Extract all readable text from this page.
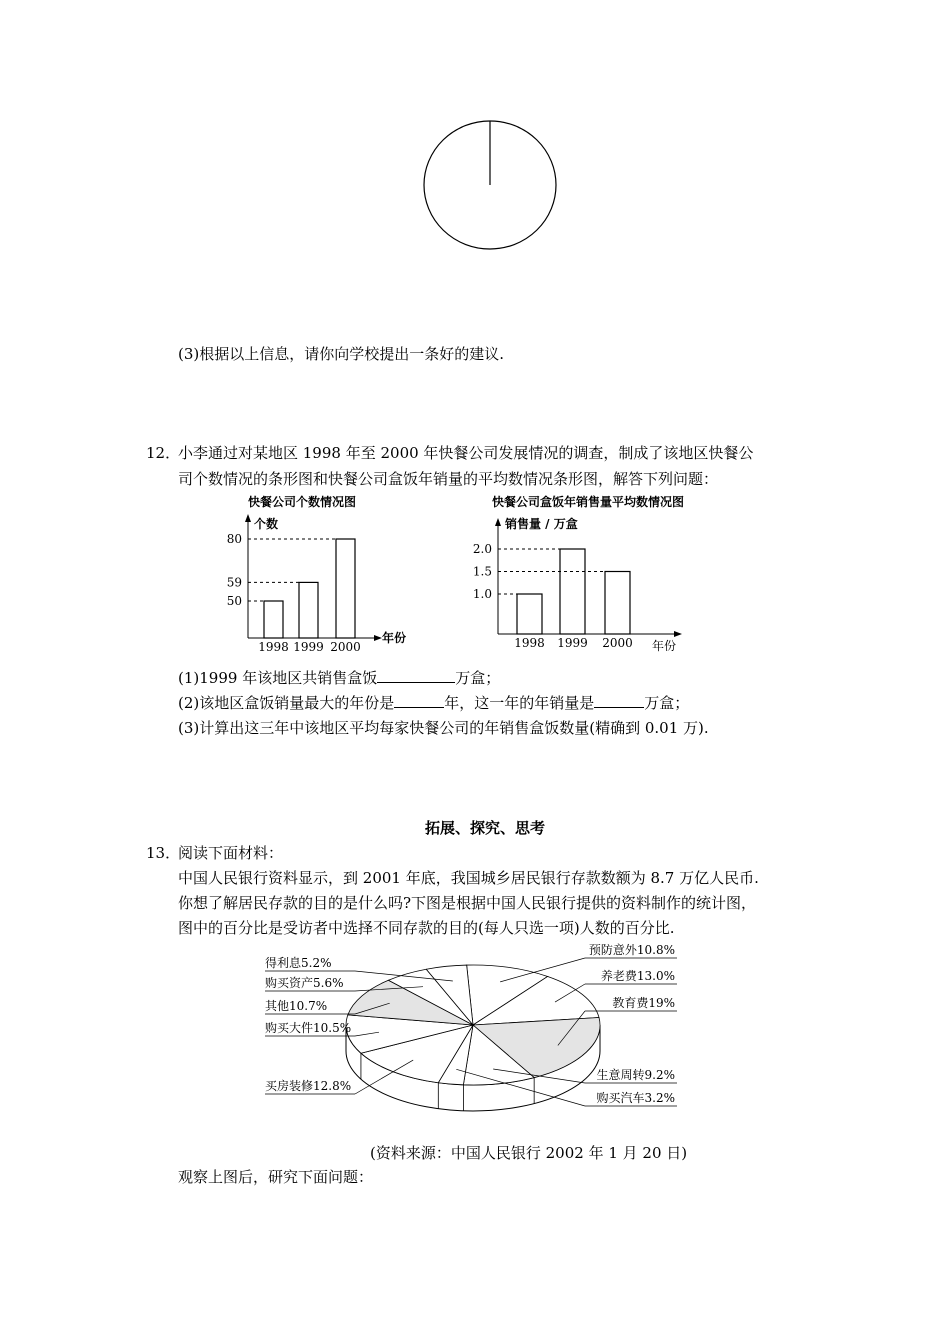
(3)根据以上信息，请你向学校提出一条好的建议.
12．
小李通过对某地区 1998 年至 2000 年快餐公司发展情况的调查，制成了该地区快餐公
司个数情况的条形图和快餐公司盒饭年销量的平均数情况条形图，解答下列问题：
快餐公司个数情况图
个数
年份
1998 1999 2000
80
59
50
快餐公司盒饭年销售量平均数情况图
销售量 / 万盒
年份
1998 1999 2000
2.0
1.5
1.0
(1)1999 年该地区共销售盒饭	万盒；
(2)该地区盒饭销量最大的年份是	年，这一年的年销量是	万盒；
(3)计算出这三年中该地区平均每家快餐公司的年销售盒饭数量(精确到 0.01 万).
拓展、探究、思考
13．
阅读下面材料：
中国人民银行资料显示，到 2001 年底，我国城乡居民银行存款数额为 8.7 万亿人民币.
你想了解居民存款的目的是什么吗?下图是根据中国人民银行提供的资料制作的统计图，
图中的百分比是受访者中选择不同存款的目的(每人只选一项)人数的百分比.
预防意外10.8%
养老费13.0%
教育费19%
生意周转9.2%
购买汽车3.2%
买房装修12.8%
购买大件10.5%
其他10.7%
购买资产5.6%
得利息5.2%
(资料来源：中国人民银行 2002 年 1 月 20 日)
观察上图后，研究下面问题：
